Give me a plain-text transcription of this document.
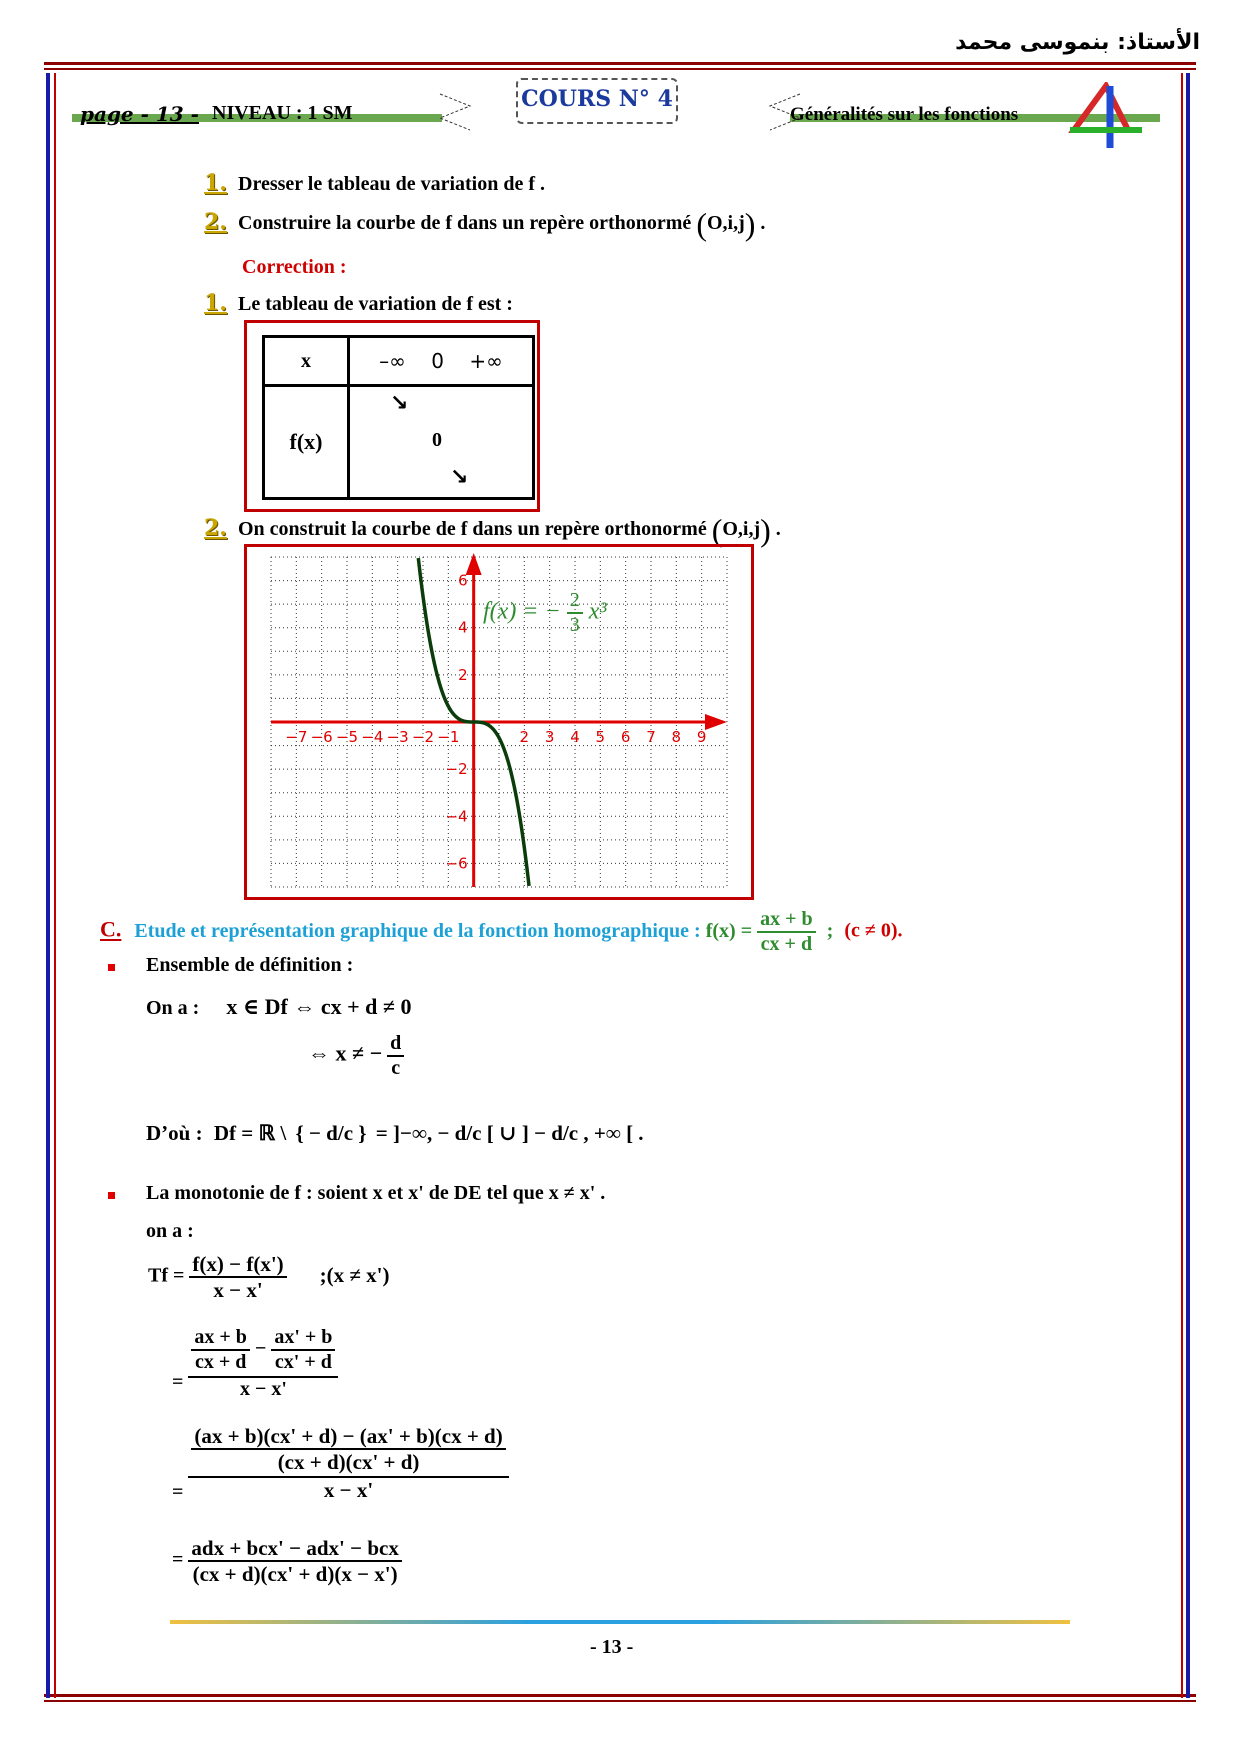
الأستاذ: بنموسى محمد
page - 13 - NIVEAU : 1 SM	Généralités sur les fonctions
COURS N° 4
1. Dresser le tableau de variation de f .
2. Construire la courbe de f dans un repère orthonormé (O,i,j) .
Correction :
1. Le tableau de variation de f est :
x	–∞    0    +∞
f(x)	↘
0
↘
2. On construit la courbe de f dans un repère orthonormé (O,i,j) .
−7 −6 −5 −4 −3 −2 −1	2 3 4 5 6 7 8 9
6
4
2
−2
−4
−6
f(x) = − $\frac{2}{3} x^3$
C. Etude et représentation graphique de la fonction homographique : $f(x) = \frac{ax + b}{cx + d}$ ; (c ≠ 0).
Ensemble de définition :
On a : x ∈ Df ⇔ cx + d ≠ 0
⇔ x ≠ − $\frac{d}{c}$
D’où : Df = ℝ \ { − d/c } = ]−∞, − d/c [ ∪ ] − d/c , +∞ [ .
La monotonie de f : soient x et x' de DE tel que x ≠ x' .
on a :
$Tf = \frac{f(x) - f(x')}{x - x'}$ ;(x ≠ x')
= $\frac{\frac{ax + b}{cx + d} - \frac{ax' + b}{cx' + d}}{x - x'}$
= $\frac{\frac{(ax + b)(cx' + d) - (ax' + b)(cx + d)}{(cx + d)(cx' + d)}}{x - x'}$
= $\frac{\text{adx + bcx' − adx' − bcx}}{(cx + d)(cx' + d)(x - x')}$
- 13 -
